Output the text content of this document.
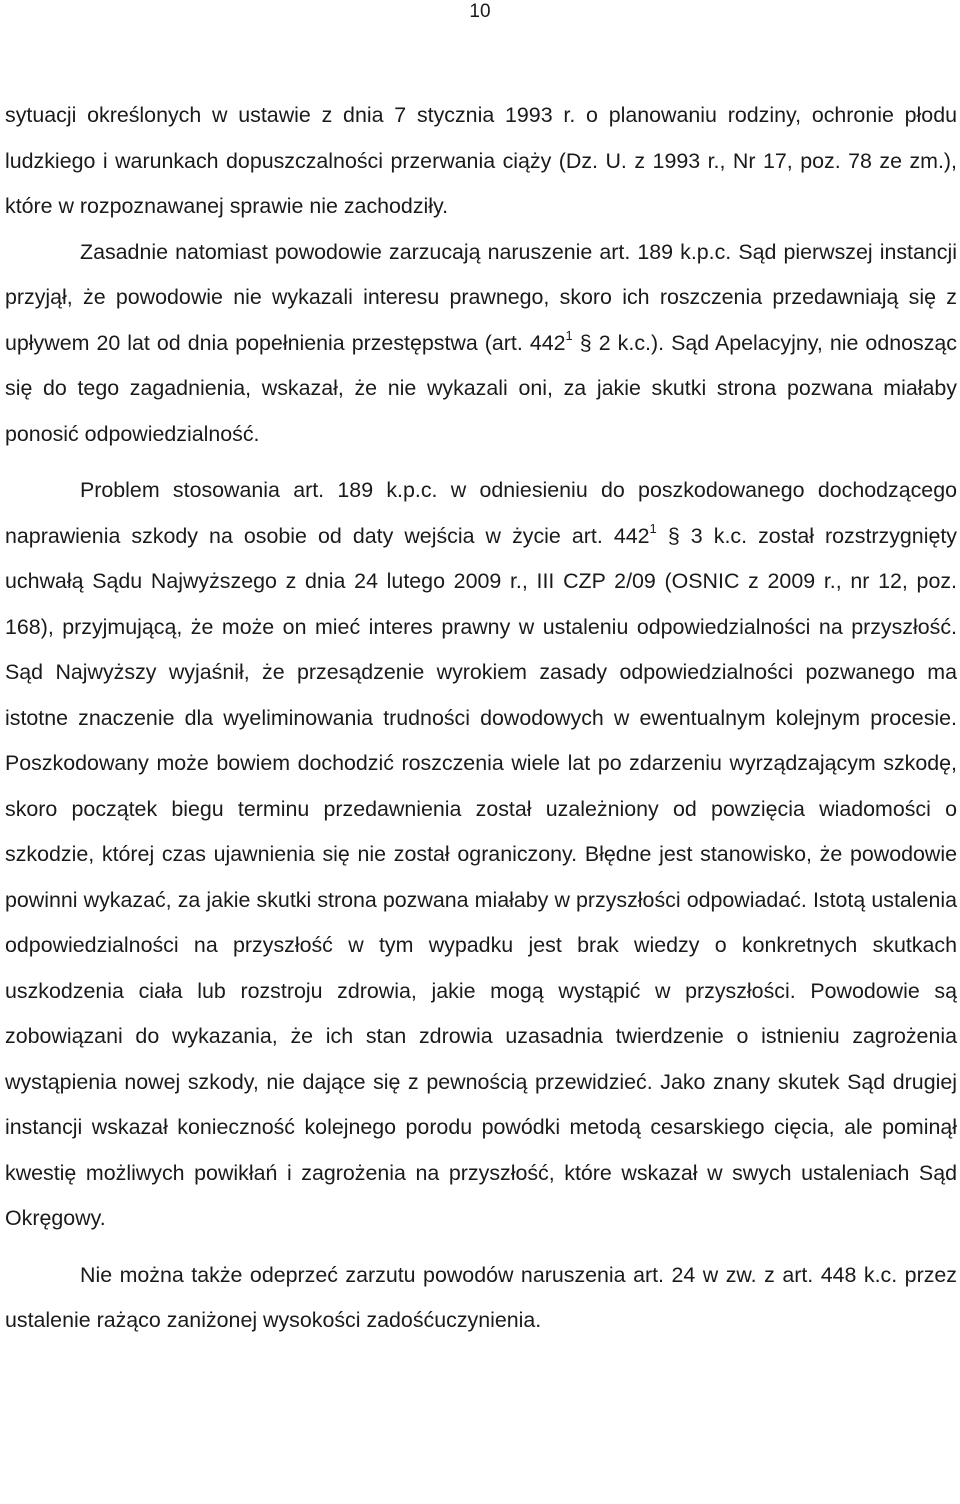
10

sytuacji określonych w ustawie z dnia 7 stycznia 1993 r. o planowaniu rodziny, ochronie płodu ludzkiego i warunkach dopuszczalności przerwania ciąży (Dz. U. z 1993 r., Nr 17, poz. 78 ze zm.), które w rozpoznawanej sprawie nie zachodziły.

Zasadnie natomiast powodowie zarzucają naruszenie art. 189 k.p.c. Sąd pierwszej instancji przyjął, że powodowie nie wykazali interesu prawnego, skoro ich roszczenia przedawniają się z upływem 20 lat od dnia popełnienia przestępstwa (art. $442^1$ § 2 k.c.). Sąd Apelacyjny, nie odnosząc się do tego zagadnienia, wskazał, że nie wykazali oni, za jakie skutki strona pozwana miałaby ponosić odpowiedzialność.

Problem stosowania art. 189 k.p.c. w odniesieniu do poszkodowanego dochodzącego naprawienia szkody na osobie od daty wejścia w życie art. $442^1$ § 3 k.c. został rozstrzygnięty uchwałą Sądu Najwyższego z dnia 24 lutego 2009 r., III CZP 2/09 (OSNIC z 2009 r., nr 12, poz. 168), przyjmującą, że może on mieć interes prawny w ustaleniu odpowiedzialności na przyszłość. Sąd Najwyższy wyjaśnił, że przesądzenie wyrokiem zasady odpowiedzialności pozwanego ma istotne znaczenie dla wyeliminowania trudności dowodowych w ewentualnym kolejnym procesie. Poszkodowany może bowiem dochodzić roszczenia wiele lat po zdarzeniu wyrządzającym szkodę, skoro początek biegu terminu przedawnienia został uzależniony od powzięcia wiadomości o szkodzie, której czas ujawnienia się nie został ograniczony. Błędne jest stanowisko, że powodowie powinni wykazać, za jakie skutki strona pozwana miałaby w przyszłości odpowiadać. Istotą ustalenia odpowiedzialności na przyszłość w tym wypadku jest brak wiedzy o konkretnych skutkach uszkodzenia ciała lub rozstroju zdrowia, jakie mogą wystąpić w przyszłości. Powodowie są zobowiązani do wykazania, że ich stan zdrowia uzasadnia twierdzenie o istnieniu zagrożenia wystąpienia nowej szkody, nie dające się z pewnością przewidzieć. Jako znany skutek Sąd drugiej instancji wskazał konieczność kolejnego porodu powódki metodą cesarskiego cięcia, ale pominął kwestię możliwych powikłań i zagrożenia na przyszłość, które wskazał w swych ustaleniach Sąd Okręgowy.

Nie można także odeprzeć zarzutu powodów naruszenia art. 24 w zw. z art. 448 k.c. przez ustalenie rażąco zaniżonej wysokości zadośćuczynienia.
